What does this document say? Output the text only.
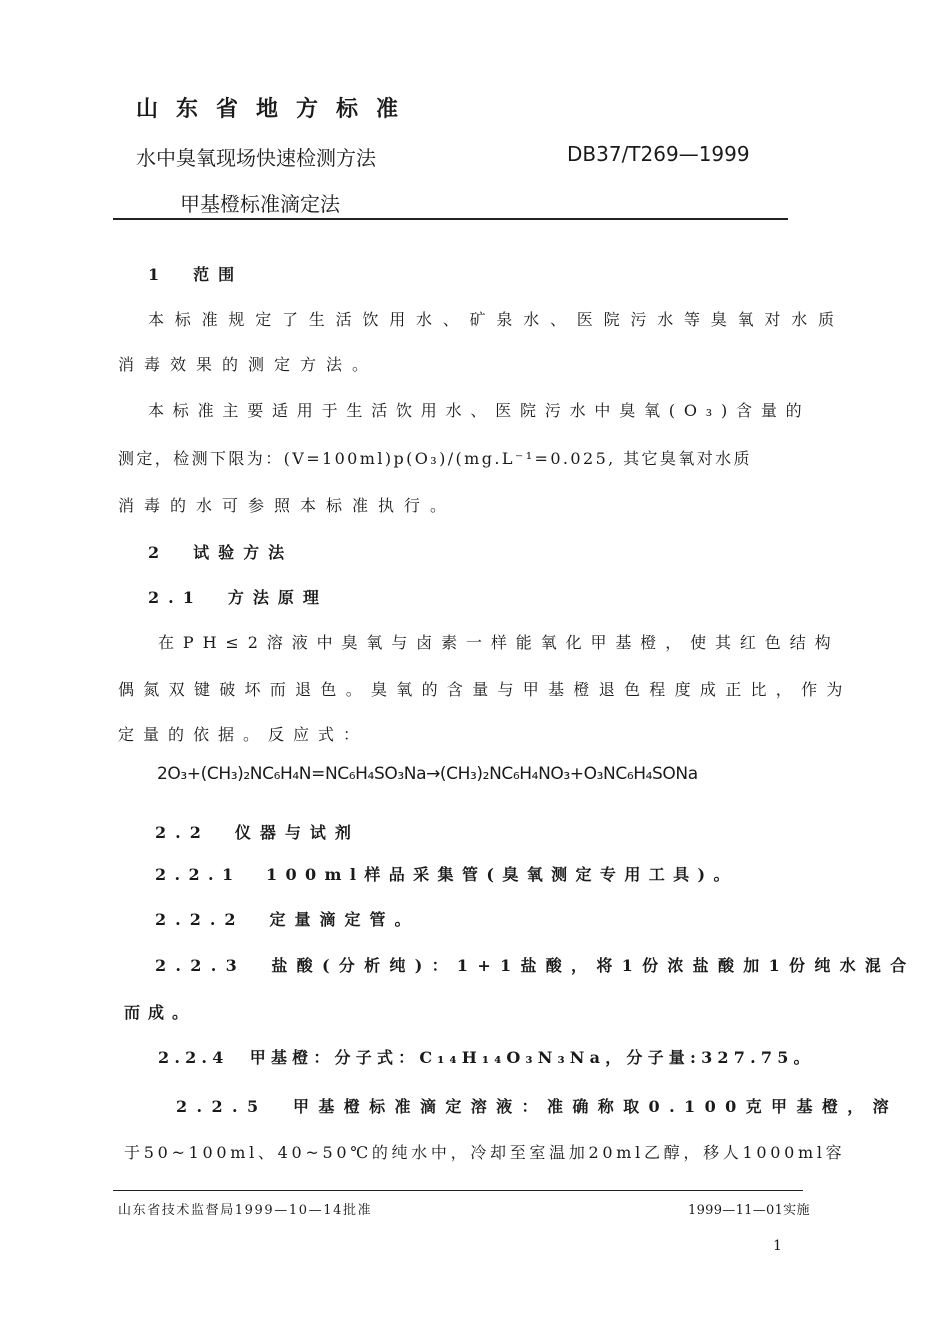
山东省地方标准
水中臭氧现场快速检测方法	DB37/T269—1999
甲基橙标准滴定法
1　范围
本标准规定了生活饮用水、矿泉水、医院污水等臭氧对水质
消毒效果的测定方法。
本标准主要适用于生活饮用水、医院污水中臭氧(O₃)含量的
测定，检测下限为：(V=100ml)p(O₃)/(mg.L⁻¹=0.025, 其它臭氧对水质
消毒的水可参照本标准执行。
2　试验方法
2.1　方法原理
在PH≤2溶液中臭氧与卤素一样能氧化甲基橙，使其红色结构
偶氮双键破坏而退色。臭氧的含量与甲基橙退色程度成正比，作为
定量的依据。反应式：
2O₃+(CH₃)₂NC₆H₄N=NC₆H₄SO₃Na→(CH₃)₂NC₆H₄NO₃+O₃NC₆H₄SONa
2.2　仪器与试剂
2.2.1　100ml样品采集管(臭氧测定专用工具)。
2.2.2　定量滴定管。
2.2.3　盐酸(分析纯)：1+1盐酸，将1份浓盐酸加1份纯水混合
而成。
2.2.4　甲基橙：分子式：C₁₄H₁₄O₃N₃Na，分子量:327.75。
2.2.5　甲基橙标准滴定溶液：准确称取0.100克甲基橙，溶
于50~100ml、40~50℃的纯水中，冷却至室温加20ml乙醇，移人1000ml容
山东省技术监督局1999—10—14批准	1999—11—01实施
1
